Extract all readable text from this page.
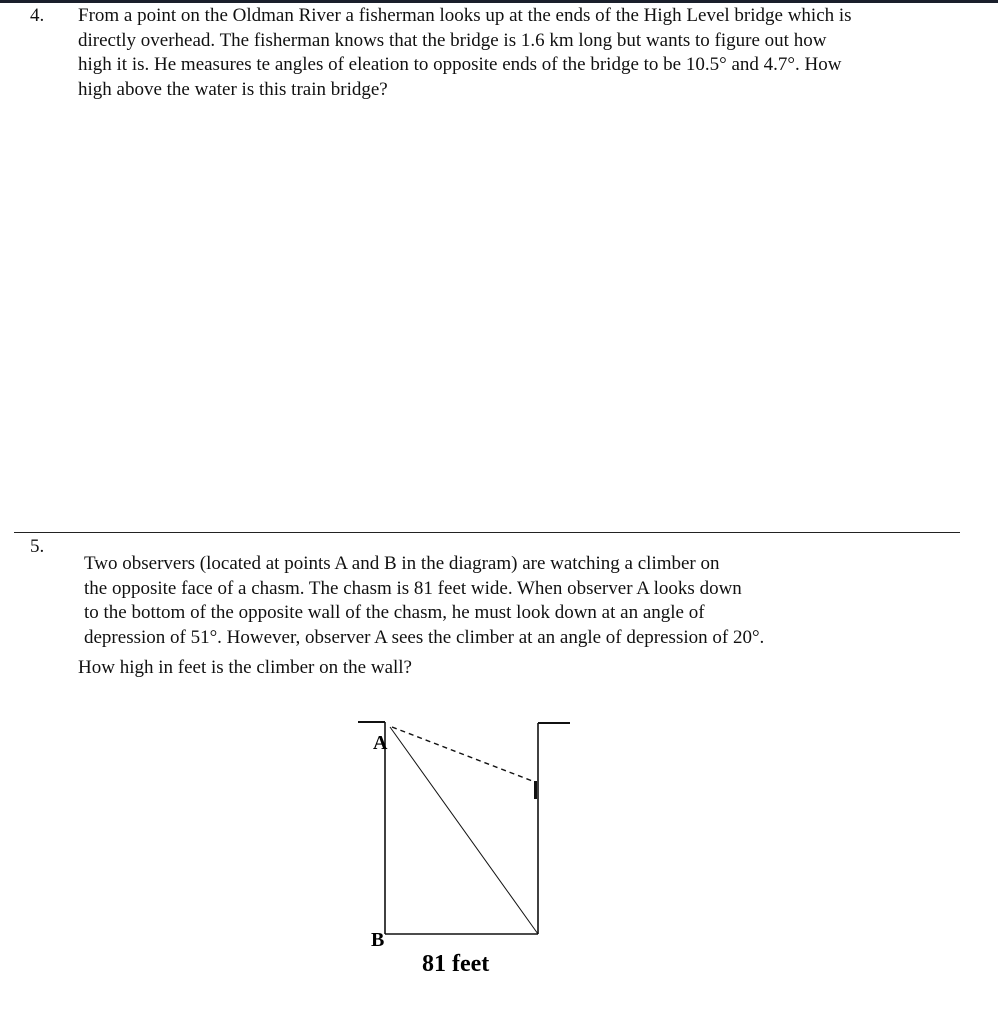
4. From a point on the Oldman River a fisherman looks up at the ends of the High Level bridge which is
directly overhead. The fisherman knows that the bridge is 1.6 km long but wants to figure out how
high it is. He measures te angles of eleation to opposite ends of the bridge to be 10.5° and 4.7°. How
high above the water is this train bridge?
5.
Two observers (located at points A and B in the diagram) are watching a climber on
the opposite face of a chasm. The chasm is 81 feet wide. When observer A looks down
to the bottom of the opposite wall of the chasm, he must look down at an angle of
depression of 51°. However, observer A sees the climber at an angle of depression of 20°.
How high in feet is the climber on the wall?
A
B
81 feet
